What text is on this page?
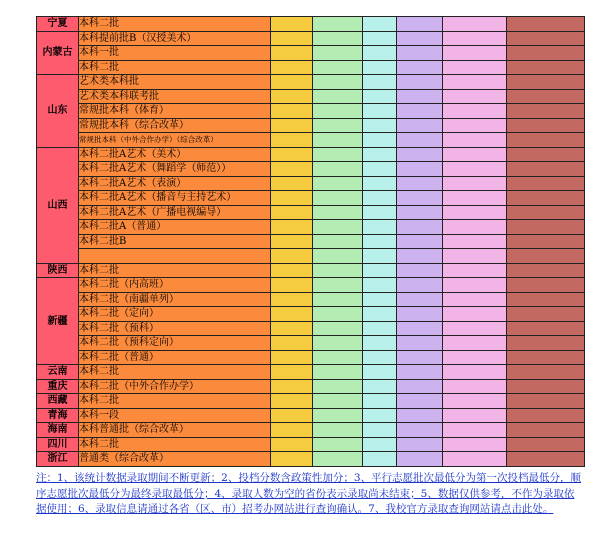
宁夏	本科二批						
内蒙古	本科提前批B（汉授美术）						
	本科一批						
	本科二批						
山东	艺术类本科批						
	艺术类本科联考批						
	常规批本科（体育）						
	常规批本科（综合改革）						
	常规批本科（中外合作办学）（综合改革）						
山西	本科二批A艺术（美术）						
	本科二批A艺术（舞蹈学（师范））						
	本科二批A艺术（表演）						
	本科二批A艺术（播音与主持艺术）						
	本科二批A艺术（广播电视编导）						
	本科二批A（普通）						
	本科二批B						

陕西	本科二批						
新疆	本科二批（内高班）						
	本科二批（南疆单列）						
	本科二批（定向）						
	本科二批（预科）						
	本科二批（预科定向）						
	本科二批（普通）						
云南	本科二批						
重庆	本科二批（中外合作办学）						
西藏	本科二批						
青海	本科一段						
海南	本科普通批（综合改革）						
四川	本科二批						
浙江	普通类（综合改革）						
注：1、该统计数据录取期间不断更新；2、投档分数含政策性加分；3、平行志愿批次最低分为第一次投档最低分，顺序志愿批次最低分为最终录取最低分；4、录取人数为空的省份表示录取尚未结束；5、数据仅供参考，不作为录取依据使用；6、录取信息请通过各省（区、市）招考办网站进行查询确认。7、我校官方录取查询网站请点击此处。
